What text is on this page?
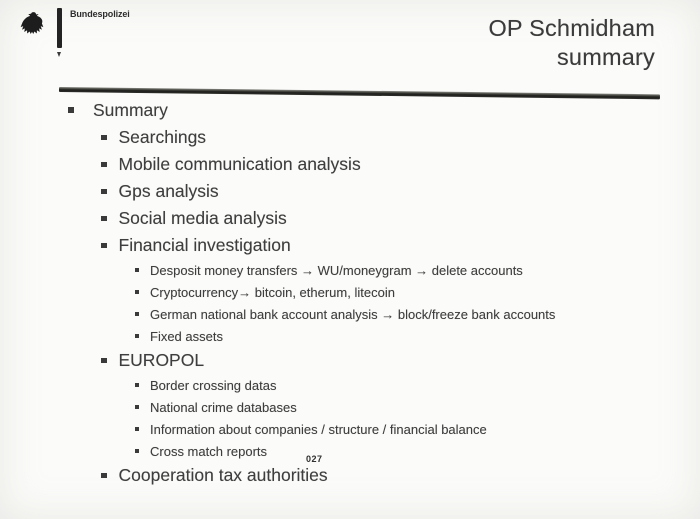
Bundespolizei
OP Schmidham
summary
Summary
Searchings
Mobile communication analysis
Gps analysis
Social media analysis
Financial investigation
Desposit money transfers → WU/moneygram → delete accounts
Cryptocurrency→ bitcoin, etherum, litecoin
German national bank account analysis → block/freeze bank accounts
Fixed assets
EUROPOL
Border crossing datas
National crime databases
Information about companies / structure / financial balance
Cross match reports
Cooperation tax authorities
027
